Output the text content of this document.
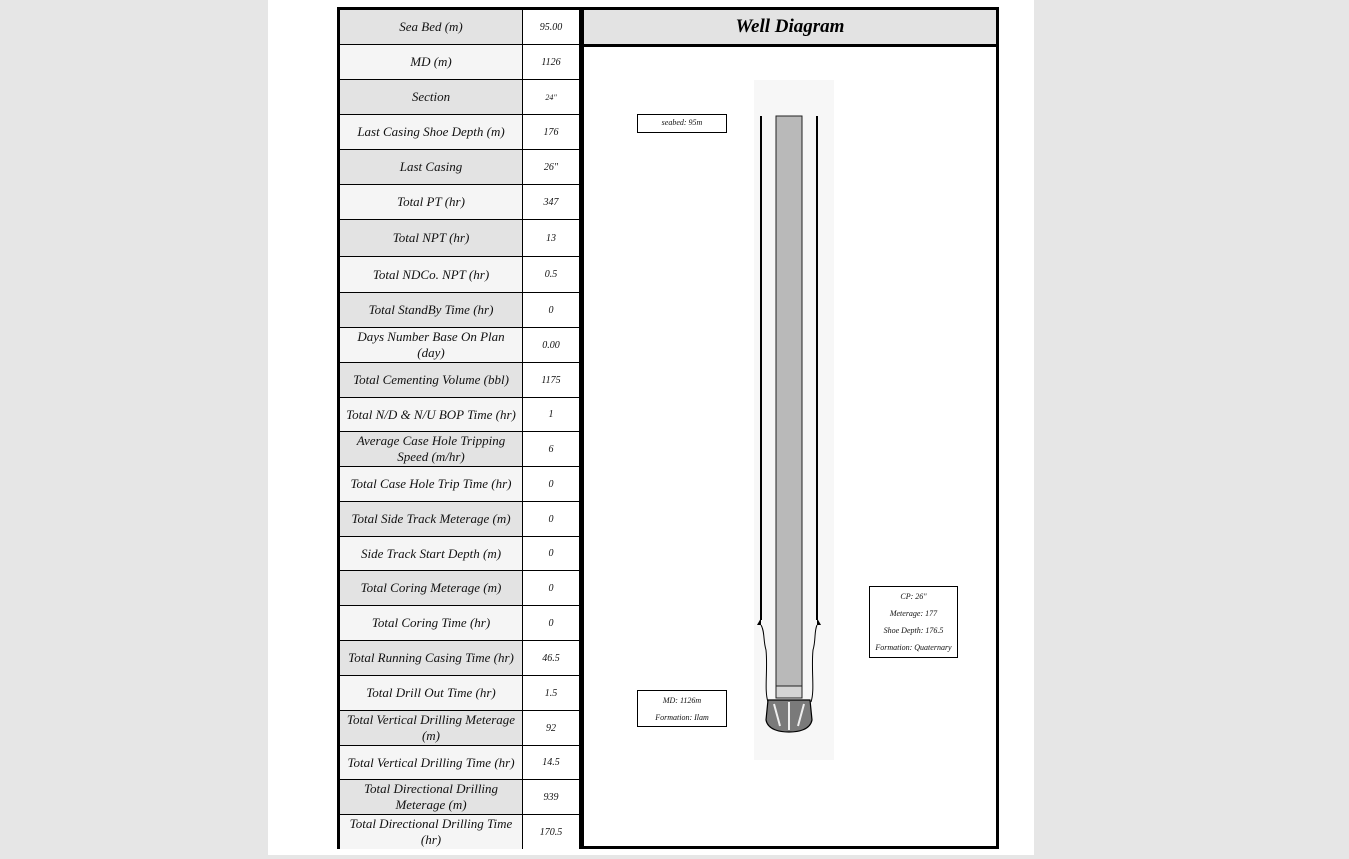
Sea Bed (m)	95.00
MD (m)	1126
Section	24"
Last Casing Shoe Depth (m)	176
Last Casing	26"
Total PT (hr)	347
Total NPT (hr)	13
Total NDCo. NPT (hr)	0.5
Total StandBy Time (hr)	0
Days Number Base On Plan (day)	0.00
Total Cementing Volume (bbl)	1175
Total N/D & N/U BOP Time (hr)	1
Average Case Hole Tripping Speed (m/hr)	6
Total Case Hole Trip Time (hr)	0
Total Side Track Meterage (m)	0
Side Track Start Depth (m)	0
Total Coring Meterage (m)	0
Total Coring Time (hr)	0
Total Running Casing Time (hr)	46.5
Total Drill Out Time (hr)	1.5
Total Vertical Drilling Meterage (m)	92
Total Vertical Drilling Time (hr)	14.5
Total Directional Drilling Meterage (m)	939
Total Directional Drilling Time (hr)	170.5
Well Diagram
seabed: 95m
CP: 26"
Meterage: 177
Shoe Depth: 176.5
Formation: Quaternary
MD: 1126m
Formation: Ilam
